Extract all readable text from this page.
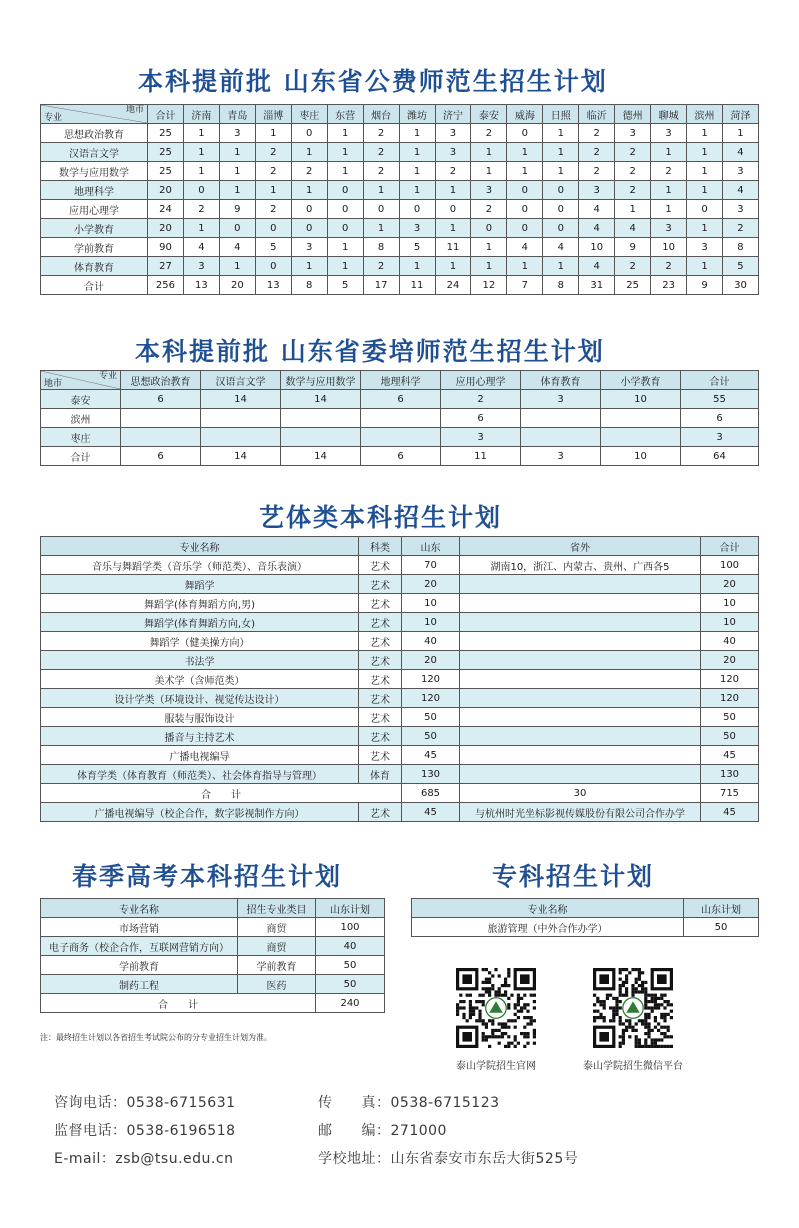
本科提前批 山东省公费师范生招生计划
地市
专业	合计	济南	青岛	淄博	枣庄	东营	烟台	潍坊	济宁	泰安	威海	日照	临沂	德州	聊城	滨州	菏泽
思想政治教育	25	1	3	1	0	1	2	1	3	2	0	1	2	3	3	1	1
汉语言文学	25	1	1	2	1	1	2	1	3	1	1	1	2	2	1	1	4
数学与应用数学	25	1	1	2	2	1	2	1	2	1	1	1	2	2	2	1	3
地理科学	20	0	1	1	1	0	1	1	1	3	0	0	3	2	1	1	4
应用心理学	24	2	9	2	0	0	0	0	0	2	0	0	4	1	1	0	3
小学教育	20	1	0	0	0	0	1	3	1	0	0	0	4	4	3	1	2
学前教育	90	4	4	5	3	1	8	5	11	1	4	4	10	9	10	3	8
体育教育	27	3	1	0	1	1	2	1	1	1	1	1	4	2	2	1	5
合计	256	13	20	13	8	5	17	11	24	12	7	8	31	25	23	9	30
本科提前批 山东省委培师范生招生计划
专业
地市	思想政治教育	汉语言文学	数学与应用数学	地理科学	应用心理学	体育教育	小学教育	合计
泰安	6	14	14	6	2	3	10	55
滨州					6			6
枣庄					3			3
合计	6	14	14	6	11	3	10	64
艺体类本科招生计划
专业名称	科类	山东	省外	合计
音乐与舞蹈学类（音乐学（师范类）、音乐表演）	艺术	70	湖南10，浙江、内蒙古、贵州、广西各5	100
舞蹈学	艺术	20		20
舞蹈学(体育舞蹈方向,男)	艺术	10		10
舞蹈学(体育舞蹈方向,女)	艺术	10		10
舞蹈学（健美操方向）	艺术	40		40
书法学	艺术	20		20
美术学（含师范类）	艺术	120		120
设计学类（环境设计、视觉传达设计）	艺术	120		120
服装与服饰设计	艺术	50		50
播音与主持艺术	艺术	50		50
广播电视编导	艺术	45		45
体育学类（体育教育（师范类）、社会体育指导与管理）	体育	130		130
合　　计		685	30	715
广播电视编导（校企合作，数字影视制作方向）	艺术	45	与杭州时光坐标影视传媒股份有限公司合作办学	45
春季高考本科招生计划
专业名称	招生专业类目	山东计划
市场营销	商贸	100
电子商务（校企合作，互联网营销方向）	商贸	40
学前教育	学前教育	50
制药工程	医药	50
合　　计		240
专科招生计划
专业名称	山东计划
旅游管理（中外合作办学）	50
注：最终招生计划以各省招生考试院公布的分专业招生计划为准。
泰山学院招生官网	泰山学院招生微信平台
咨询电话：0538-6715631	传　　真：0538-6715123
监督电话：0538-6196518	邮　　编：271000
E-mail：zsb@tsu.edu.cn	学校地址：山东省泰安市东岳大街525号
